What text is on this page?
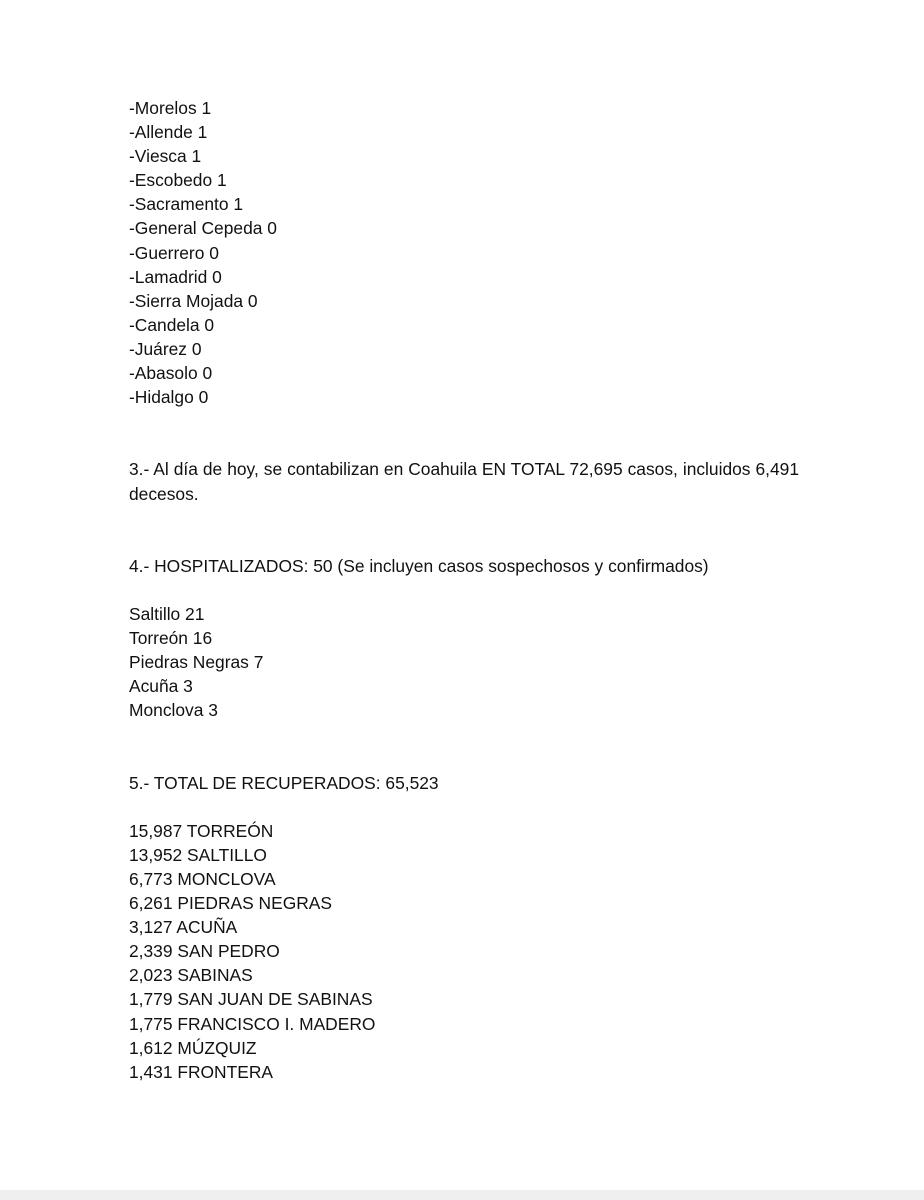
-Morelos 1
-Allende 1
-Viesca 1
-Escobedo 1
-Sacramento 1
-General Cepeda 0
-Guerrero 0
-Lamadrid 0
-Sierra Mojada 0
-Candela 0
-Juárez 0
-Abasolo 0
-Hidalgo 0
3.- Al día de hoy, se contabilizan en Coahuila EN TOTAL 72,695 casos, incluidos 6,491 decesos.
4.- HOSPITALIZADOS: 50 (Se incluyen casos sospechosos y confirmados)
Saltillo 21
Torreón 16
Piedras Negras 7
Acuña 3
Monclova 3
5.- TOTAL DE RECUPERADOS: 65,523
15,987 TORREÓN
13,952 SALTILLO
6,773 MONCLOVA
6,261 PIEDRAS NEGRAS
3,127 ACUÑA
2,339 SAN PEDRO
2,023 SABINAS
1,779 SAN JUAN DE SABINAS
1,775 FRANCISCO I. MADERO
1,612 MÚZQUIZ
1,431 FRONTERA
